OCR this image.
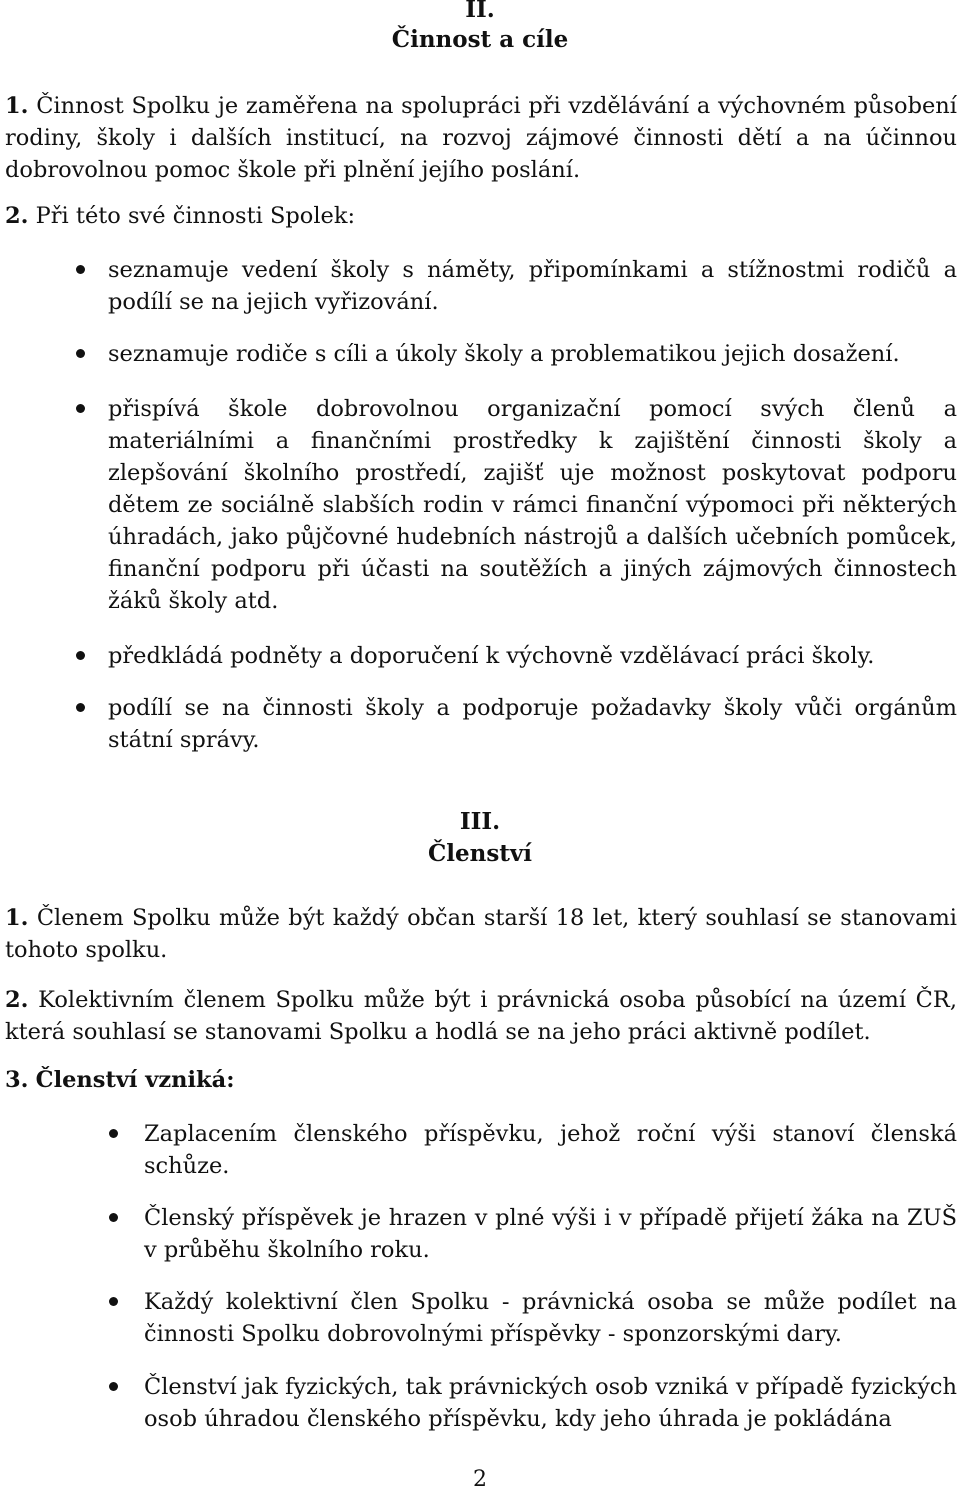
II.

Činnost a cíle

1. Činnost Spolku je zaměřena na spolupráci při vzdělávání a výchovném působení rodiny, školy i dalších institucí, na rozvoj zájmové činnosti dětí a na účinnou dobrovolnou pomoc škole při plnění jejího poslání.

2. Při této své činnosti Spolek:

seznamuje vedení školy s náměty, připomínkami a stížnostmi rodičů a podílí se na jejich vyřizování.

seznamuje rodiče s cíli a úkoly školy a problematikou jejich dosažení.

přispívá škole dobrovolnou organizační pomocí svých členů a materiálními a finančními prostředky k zajištění činnosti školy a zlepšování školního prostředí, zajišť uje možnost poskytovat podporu dětem ze sociálně slabších rodin v rámci finanční výpomoci při některých úhradách, jako půjčovné hudebních nástrojů a dalších učebních pomůcek, finanční podporu při účasti na soutěžích a jiných zájmových činnostech žáků školy atd.

předkládá podněty a doporučení k výchovně vzdělávací práci školy.

podílí se na činnosti školy a podporuje požadavky školy vůči orgánům státní správy.

III.

Členství

1. Členem Spolku může být každý občan starší 18 let, který souhlasí se stanovami tohoto spolku.

2. Kolektivním členem Spolku může být i právnická osoba působící na území ČR, která souhlasí se stanovami Spolku a hodlá se na jeho práci aktivně podílet.

3. Členství vzniká:

Zaplacením členského příspěvku, jehož roční výši stanoví členská schůze.

Členský příspěvek je hrazen v plné výši i v případě přijetí žáka na ZUŠ v průběhu školního roku.

Každý kolektivní člen Spolku - právnická osoba se může podílet na činnosti Spolku dobrovolnými příspěvky - sponzorskými dary.

Členství jak fyzických, tak právnických osob vzniká v případě fyzických osob úhradou členského příspěvku, kdy jeho úhrada je pokládána

2
